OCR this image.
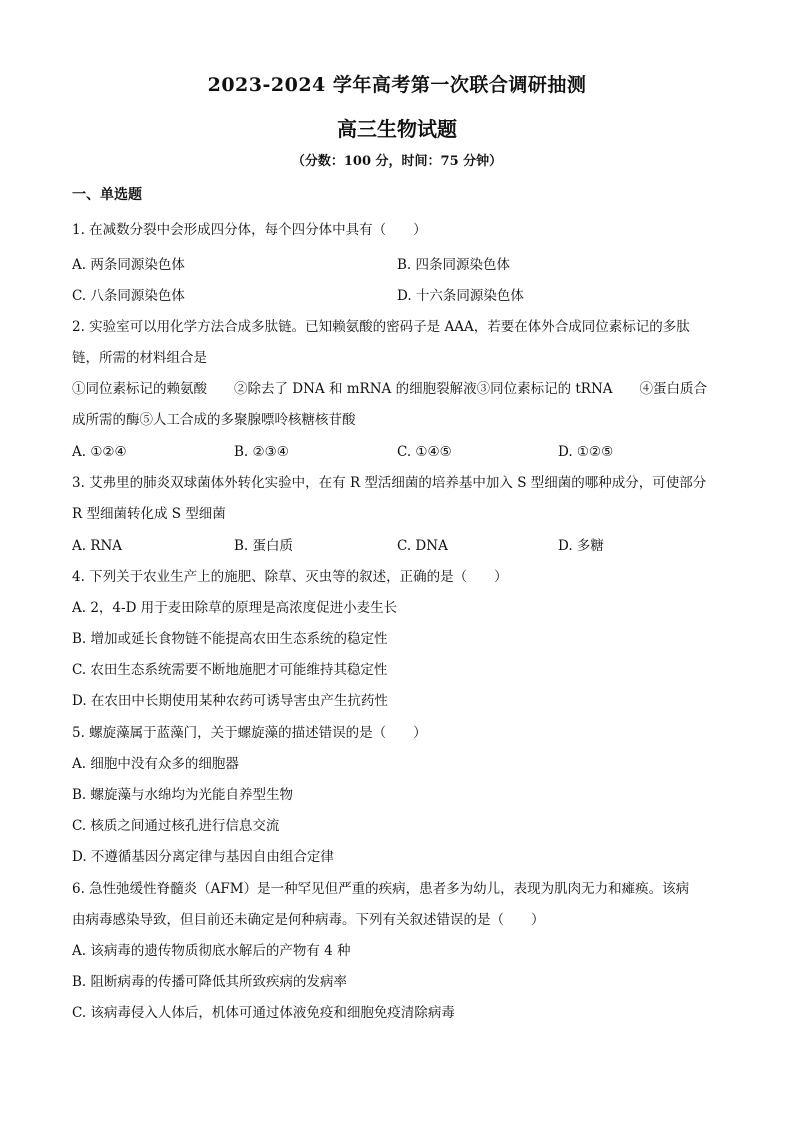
2023-2024 学年高考第一次联合调研抽测
高三生物试题
（分数：100 分，时间：75 分钟）
一、单选题
1. 在减数分裂中会形成四分体，每个四分体中具有（　　）
A. 两条同源染色体	B. 四条同源染色体
C. 八条同源染色体	D. 十六条同源染色体
2. 实验室可以用化学方法合成多肽链。已知赖氨酸的密码子是 AAA，若要在体外合成同位素标记的多肽
链，所需的材料组合是
①同位素标记的赖氨酸　　②除去了 DNA 和 mRNA 的细胞裂解液③同位素标记的 tRNA　　④蛋白质合
成所需的酶⑤人工合成的多聚腺嘌呤核糖核苷酸
A. ①②④	B. ②③④	C. ①④⑤	D. ①②⑤
3. 艾弗里的肺炎双球菌体外转化实验中，在有 R 型活细菌的培养基中加入 S 型细菌的哪种成分，可使部分
R 型细菌转化成 S 型细菌
A. RNA	B. 蛋白质	C. DNA	D. 多糖
4. 下列关于农业生产上的施肥、除草、灭虫等的叙述，正确的是（　　）
A. 2，4-D 用于麦田除草的原理是高浓度促进小麦生长
B. 增加或延长食物链不能提高农田生态系统的稳定性
C. 农田生态系统需要不断地施肥才可能维持其稳定性
D. 在农田中长期使用某种农药可诱导害虫产生抗药性
5. 螺旋藻属于蓝藻门，关于螺旋藻的描述错误的是（　　）
A. 细胞中没有众多的细胞器
B. 螺旋藻与水绵均为光能自养型生物
C. 核质之间通过核孔进行信息交流
D. 不遵循基因分离定律与基因自由组合定律
6. 急性弛缓性脊髓炎（AFM）是一种罕见但严重的疾病，患者多为幼儿，表现为肌肉无力和瘫痪。该病
由病毒感染导致，但目前还未确定是何种病毒。下列有关叙述错误的是（　　）
A. 该病毒的遗传物质彻底水解后的产物有 4 种
B. 阻断病毒的传播可降低其所致疾病的发病率
C. 该病毒侵入人体后，机体可通过体液免疫和细胞免疫清除病毒
